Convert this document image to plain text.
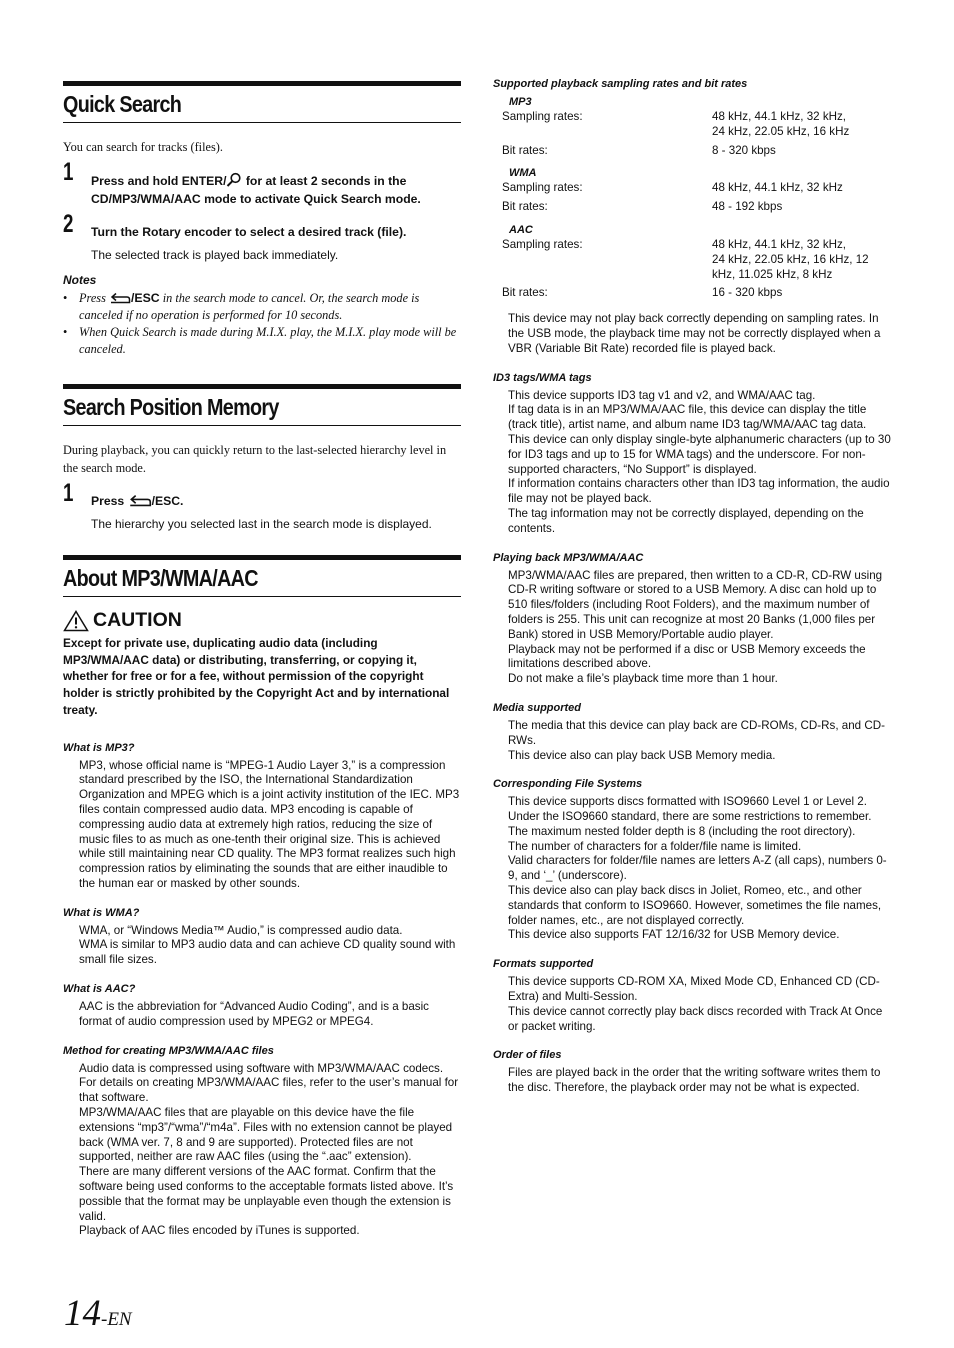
Quick Search
You can search for tracks (files).
1 Press and hold ENTER/ for at least 2 seconds in the CD/MP3/WMA/AAC mode to activate Quick Search mode.
2 Turn the Rotary encoder to select a desired track (file).
The selected track is played back immediately.
Notes
• Press /ESC in the search mode to cancel. Or, the search mode is canceled if no operation is performed for 10 seconds.
• When Quick Search is made during M.I.X. play, the M.I.X. play mode will be canceled.
Search Position Memory
During playback, you can quickly return to the last-selected hierarchy level in the search mode.
1 Press /ESC.
The hierarchy you selected last in the search mode is displayed.
About MP3/WMA/AAC
CAUTION
Except for private use, duplicating audio data (including MP3/WMA/AAC data) or distributing, transferring, or copying it, whether for free or for a fee, without permission of the copyright holder is strictly prohibited by the Copyright Act and by international treaty.
What is MP3?
MP3, whose official name is “MPEG-1 Audio Layer 3,” is a compression standard prescribed by the ISO, the International Standardization Organization and MPEG which is a joint activity institution of the IEC. MP3 files contain compressed audio data. MP3 encoding is capable of compressing audio data at extremely high ratios, reducing the size of music files to as much as one-tenth their original size. This is achieved while still maintaining near CD quality. The MP3 format realizes such high compression ratios by eliminating the sounds that are either inaudible to the human ear or masked by other sounds.
What is WMA?
WMA, or “Windows Media™ Audio,” is compressed audio data.
WMA is similar to MP3 audio data and can achieve CD quality sound with small file sizes.
What is AAC?
AAC is the abbreviation for “Advanced Audio Coding”, and is a basic format of audio compression used by MPEG2 or MPEG4.
Method for creating MP3/WMA/AAC files
Audio data is compressed using software with MP3/WMA/AAC codecs. For details on creating MP3/WMA/AAC files, refer to the user’s manual for that software.
MP3/WMA/AAC files that are playable on this device have the file extensions “mp3”/“wma”/“m4a”. Files with no extension cannot be played back (WMA ver. 7, 8 and 9 are supported). Protected files are not supported, neither are raw AAC files (using the “.aac” extension).
There are many different versions of the AAC format. Confirm that the software being used conforms to the acceptable formats listed above. It’s possible that the format may be unplayable even though the extension is valid.
Playback of AAC files encoded by iTunes is supported.
Supported playback sampling rates and bit rates
MP3
Sampling rates:	48 kHz, 44.1 kHz, 32 kHz,
24 kHz, 22.05 kHz, 16 kHz
Bit rates:	8 - 320 kbps
WMA
Sampling rates:	48 kHz, 44.1 kHz, 32 kHz
Bit rates:	48 - 192 kbps
AAC
Sampling rates:	48 kHz, 44.1 kHz, 32 kHz,
24 kHz, 22.05 kHz, 16 kHz, 12
kHz, 11.025 kHz, 8 kHz
Bit rates:	16 - 320 kbps
This device may not play back correctly depending on sampling rates. In the USB mode, the playback time may not be correctly displayed when a VBR (Variable Bit Rate) recorded file is played back.
ID3 tags/WMA tags
This device supports ID3 tag v1 and v2, and WMA/AAC tag.
If tag data is in an MP3/WMA/AAC file, this device can display the title (track title), artist name, and album name ID3 tag/WMA/AAC tag data.
This device can only display single-byte alphanumeric characters (up to 30 for ID3 tags and up to 15 for WMA tags) and the underscore. For non-supported characters, “No Support” is displayed.
If information contains characters other than ID3 tag information, the audio file may not be played back.
The tag information may not be correctly displayed, depending on the contents.
Playing back MP3/WMA/AAC
MP3/WMA/AAC files are prepared, then written to a CD-R, CD-RW using CD-R writing software or stored to a USB Memory. A disc can hold up to 510 files/folders (including Root Folders), and the maximum number of folders is 255. This unit can recognize at most 20 Banks (1,000 files per Bank) stored in USB Memory/Portable audio player.
Playback may not be performed if a disc or USB Memory exceeds the limitations described above.
Do not make a file’s playback time more than 1 hour.
Media supported
The media that this device can play back are CD-ROMs, CD-Rs, and CD-RWs.
This device also can play back USB Memory media.
Corresponding File Systems
This device supports discs formatted with ISO9660 Level 1 or Level 2.
Under the ISO9660 standard, there are some restrictions to remember.
The maximum nested folder depth is 8 (including the root directory).
The number of characters for a folder/file name is limited.
Valid characters for folder/file names are letters A-Z (all caps), numbers 0-9, and ‘_’ (underscore).
This device also can play back discs in Joliet, Romeo, etc., and other standards that conform to ISO9660. However, sometimes the file names, folder names, etc., are not displayed correctly.
This device also supports FAT 12/16/32 for USB Memory device.
Formats supported
This device supports CD-ROM XA, Mixed Mode CD, Enhanced CD (CD-Extra) and Multi-Session.
This device cannot correctly play back discs recorded with Track At Once or packet writing.
Order of files
Files are played back in the order that the writing software writes them to the disc. Therefore, the playback order may not be what is expected.
14-EN
